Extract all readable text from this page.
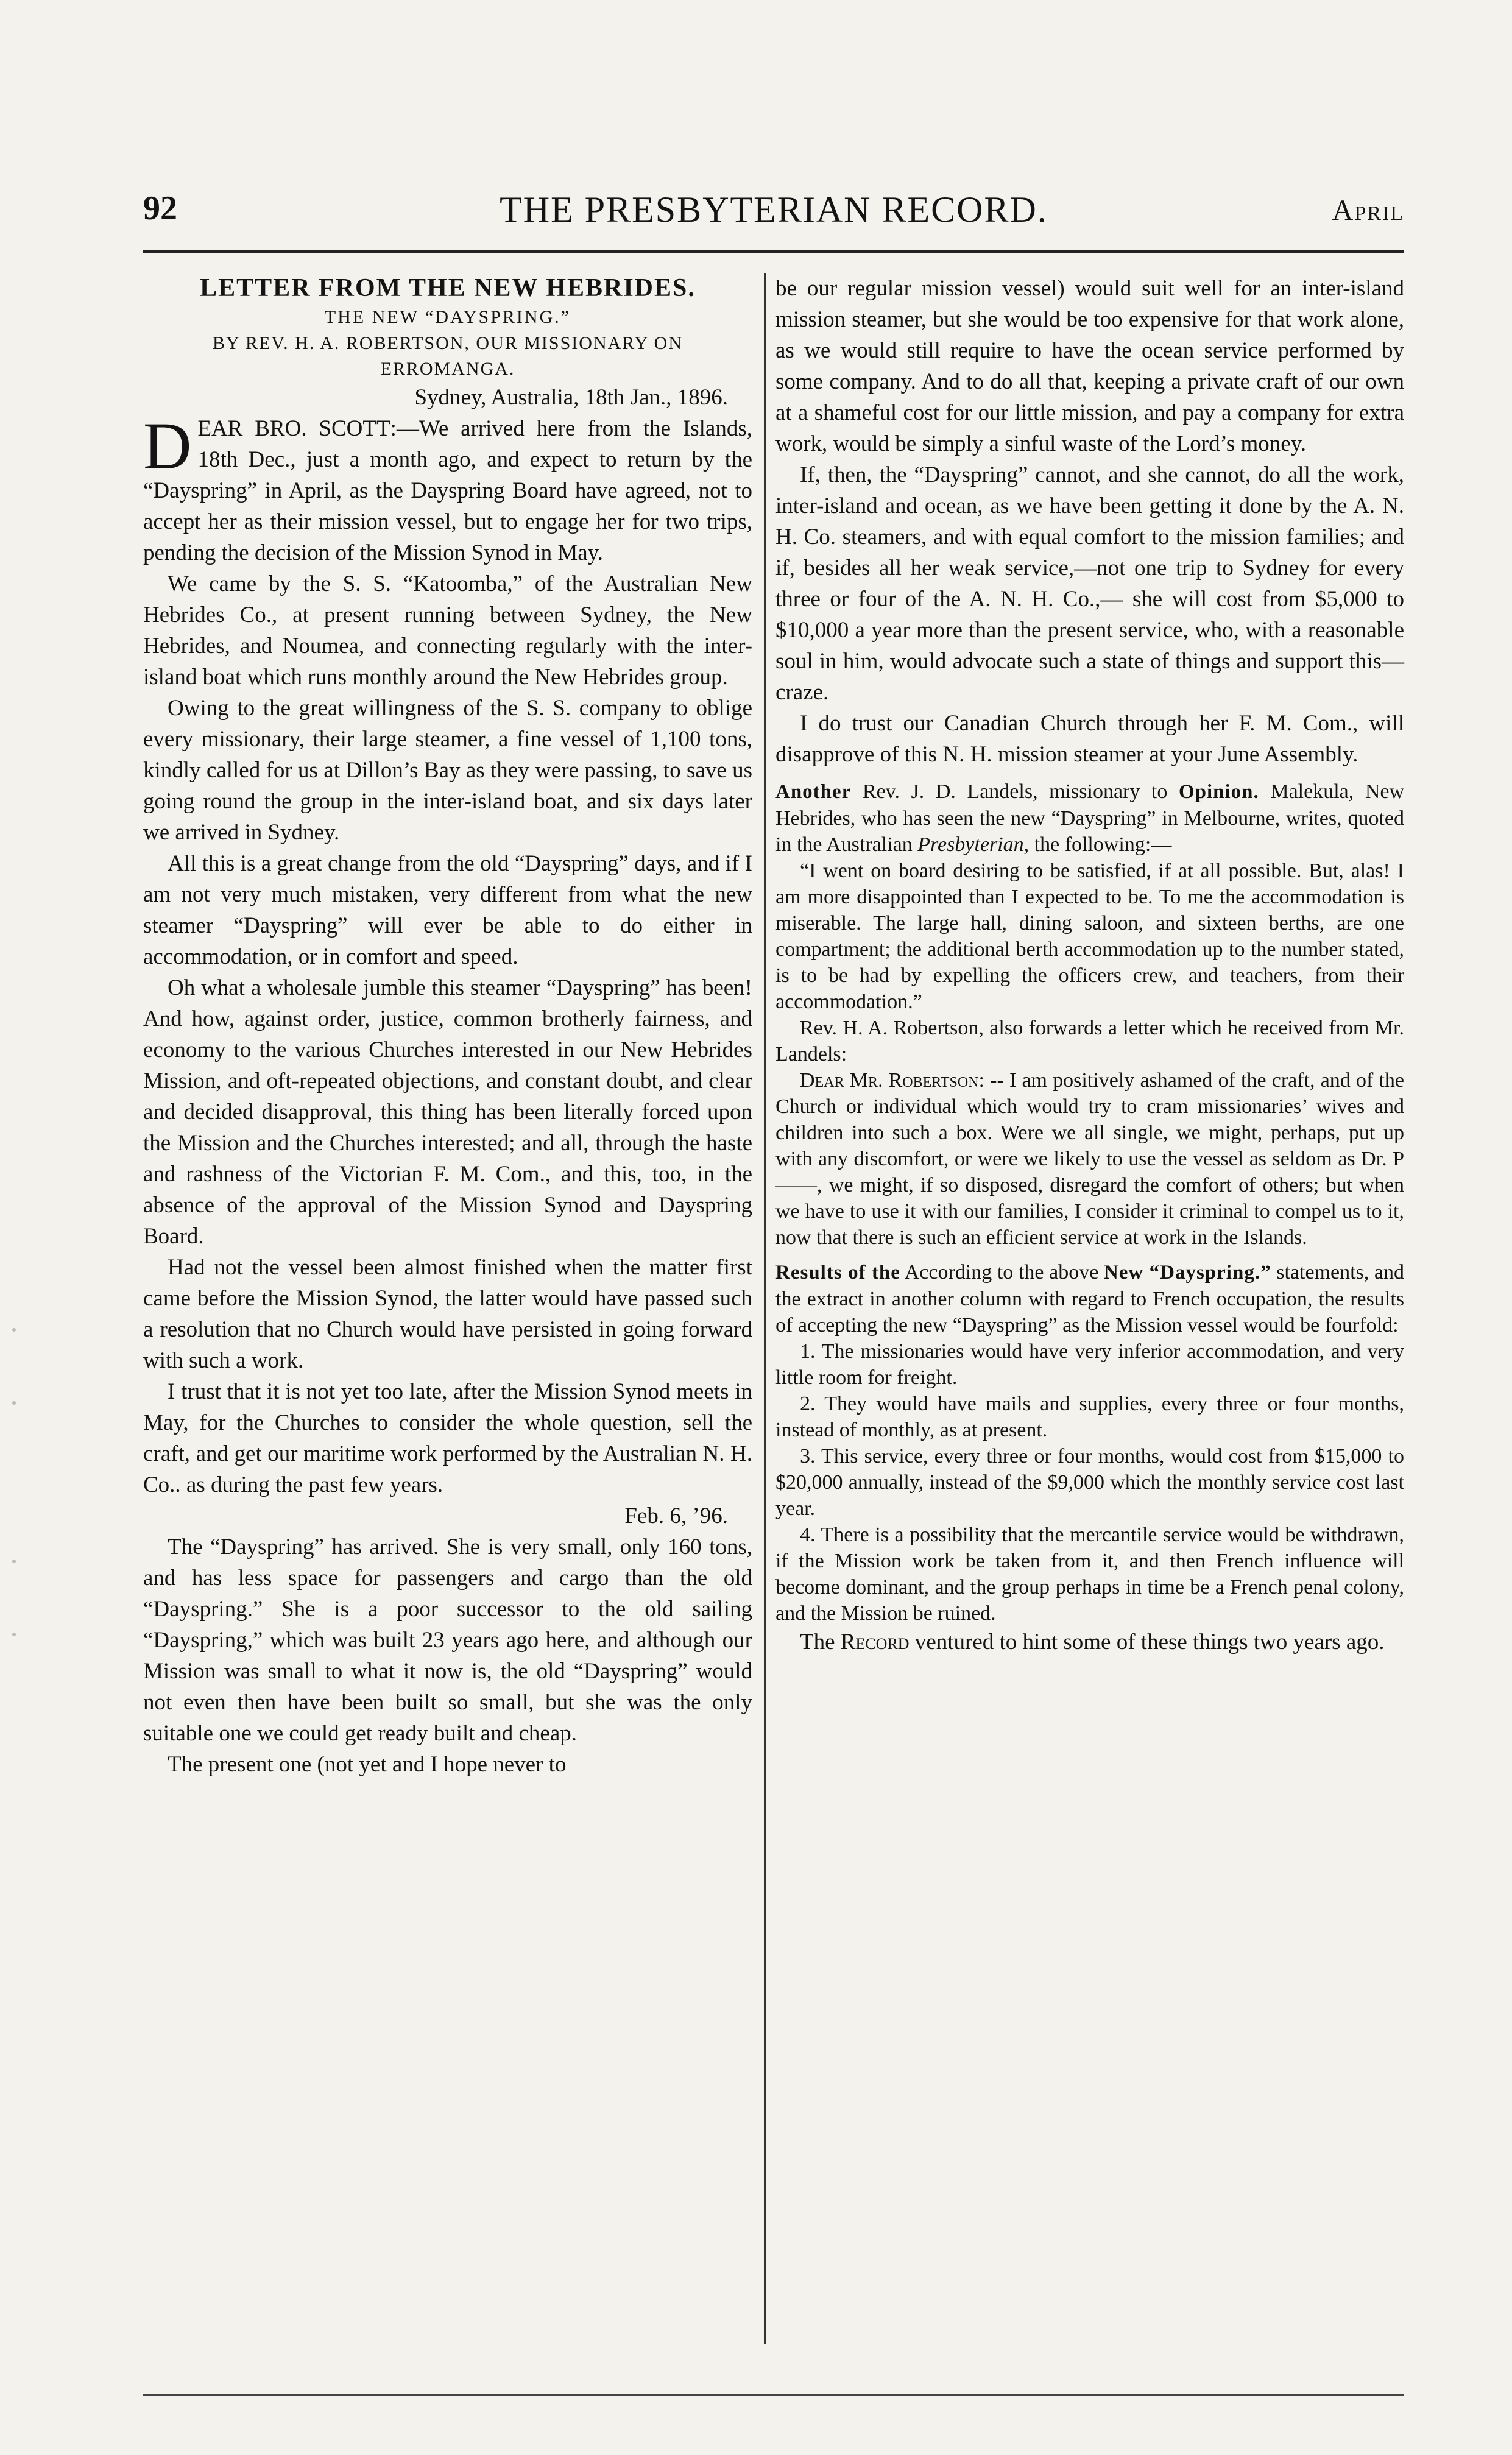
92	THE PRESBYTERIAN RECORD.	April

LETTER FROM THE NEW HEBRIDES.

THE NEW “DAYSPRING.”

BY REV. H. A. ROBERTSON, OUR MISSIONARY ON

ERROMANGA.

Sydney, Australia, 18th Jan., 1896.

DEAR BRO. SCOTT:—We arrived here from the Islands, 18th Dec., just a month ago, and expect to return by the “Dayspring” in April, as the Dayspring Board have agreed, not to accept her as their mission vessel, but to engage her for two trips, pending the decision of the Mission Synod in May.

We came by the S. S. “Katoomba,” of the Australian New Hebrides Co., at present running between Sydney, the New Hebrides, and Noumea, and connecting regularly with the inter-island boat which runs monthly around the New Hebrides group.

Owing to the great willingness of the S. S. company to oblige every missionary, their large steamer, a fine vessel of 1,100 tons, kindly called for us at Dillon’s Bay as they were passing, to save us going round the group in the inter-island boat, and six days later we arrived in Sydney.

All this is a great change from the old “Dayspring” days, and if I am not very much mistaken, very different from what the new steamer “Dayspring” will ever be able to do either in accommodation, or in comfort and speed.

Oh what a wholesale jumble this steamer “Dayspring” has been! And how, against order, justice, common brotherly fairness, and economy to the various Churches interested in our New Hebrides Mission, and oft-repeated objections, and constant doubt, and clear and decided disapproval, this thing has been literally forced upon the Mission and the Churches interested; and all, through the haste and rashness of the Victorian F. M. Com., and this, too, in the absence of the approval of the Mission Synod and Dayspring Board.

Had not the vessel been almost finished when the matter first came before the Mission Synod, the latter would have passed such a resolution that no Church would have persisted in going forward with such a work.

I trust that it is not yet too late, after the Mission Synod meets in May, for the Churches to consider the whole question, sell the craft, and get our maritime work performed by the Australian N. H. Co.. as during the past few years.

Feb. 6, ’96.

The “Dayspring” has arrived. She is very small, only 160 tons, and has less space for passengers and cargo than the old “Dayspring.” She is a poor successor to the old sailing “Dayspring,” which was built 23 years ago here, and although our Mission was small to what it now is, the old “Dayspring” would not even then have been built so small, but she was the only suitable one we could get ready built and cheap.

The present one (not yet and I hope never to

be our regular mission vessel) would suit well for an inter-island mission steamer, but she would be too expensive for that work alone, as we would still require to have the ocean service performed by some company. And to do all that, keeping a private craft of our own at a shameful cost for our little mission, and pay a company for extra work, would be simply a sinful waste of the Lord’s money.

If, then, the “Dayspring” cannot, and she cannot, do all the work, inter-island and ocean, as we have been getting it done by the A. N. H. Co. steamers, and with equal comfort to the mission families; and if, besides all her weak service,—not one trip to Sydney for every three or four of the A. N. H. Co.,— she will cost from $5,000 to $10,000 a year more than the present service, who, with a reasonable soul in him, would advocate such a state of things and support this—craze.

I do trust our Canadian Church through her F. M. Com., will disapprove of this N. H. mission steamer at your June Assembly.

Another Rev. J. D. Landels, missionary to Opinion. Malekula, New Hebrides, who has seen the new “Dayspring” in Melbourne, writes, quoted in the Australian Presbyterian, the following:—

“I went on board desiring to be satisfied, if at all possible. But, alas! I am more disappointed than I expected to be. To me the accommodation is miserable. The large hall, dining saloon, and sixteen berths, are one compartment; the additional berth accommodation up to the number stated, is to be had by expelling the officers crew, and teachers, from their accommodation.”

Rev. H. A. Robertson, also forwards a letter which he received from Mr. Landels:

Dear Mr. Robertson: -- I am positively ashamed of the craft, and of the Church or individual which would try to cram missionaries’ wives and children into such a box. Were we all single, we might, perhaps, put up with any discomfort, or were we likely to use the vessel as seldom as Dr. P——, we might, if so disposed, disregard the comfort of others; but when we have to use it with our families, I consider it criminal to compel us to it, now that there is such an efficient service at work in the Islands.

Results of the According to the above New “Dayspring.” statements, and the extract in another column with regard to French occupation, the results of accepting the new “Dayspring” as the Mission vessel would be fourfold:

1. The missionaries would have very inferior accommodation, and very little room for freight.

2. They would have mails and supplies, every three or four months, instead of monthly, as at present.

3. This service, every three or four months, would cost from $15,000 to $20,000 annually, instead of the $9,000 which the monthly service cost last year.

4. There is a possibility that the mercantile service would be withdrawn, if the Mission work be taken from it, and then French influence will become dominant, and the group perhaps in time be a French penal colony, and the Mission be ruined.

The Record ventured to hint some of these things two years ago.
